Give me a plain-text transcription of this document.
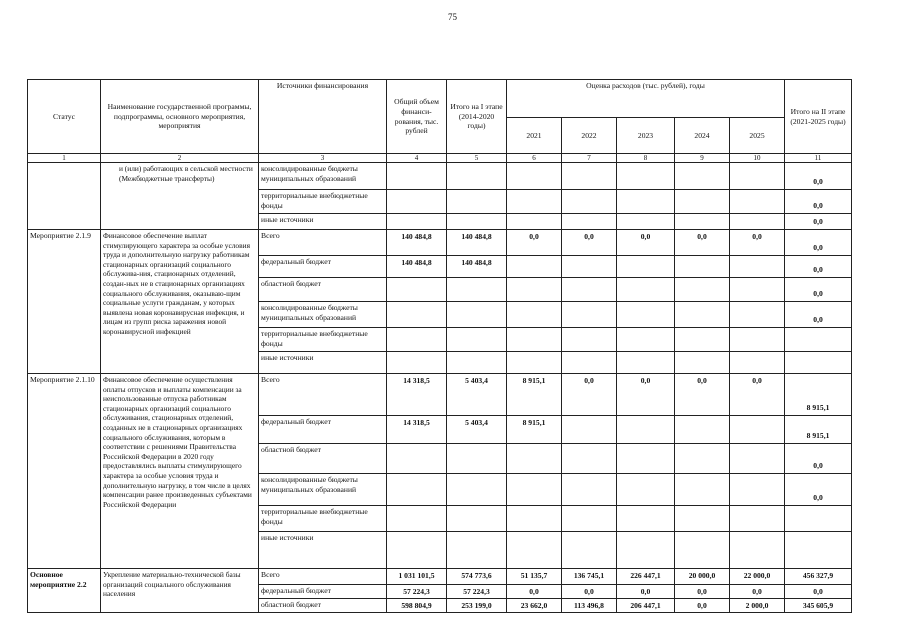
75
Статус	Наименование государственной программы, подпрограммы, основного мероприятия, мероприятия	Источники финансирования	Общий объем финанси-рования, тыс. рублей	Итого на I этапе (2014-2020 годы)	Оценка расходов (тыс. рублей), годы					Итого на II этапе (2021-2025 годы)
					2021	2022	2023	2024	2025	
1	2	3	4	5	6	7	8	9	10	11
	и (или) работающих в сельской местности (Межбюджетные трансферты)	консолидированные бюджеты муниципальных образований								0,0
		территориальные внебюджетные фонды								0,0
		иные источники								0,0
Мероприятие 2.1.9	Финансовое обеспечение выплат стимулирующего характера за особые условия труда и дополнительную нагрузку работникам стационарных организаций социального обслужива-ния, стационарных отделений, создан-ных не в стационарных организациях социального обслуживания, оказываю-щим социальные услуги гражданам, у которых выявлена новая коронавирусная инфекция, и лицам из групп риска заражения новой коронавирусной инфекцией	Всего	140 484,8	140 484,8	0,0	0,0	0,0	0,0	0,0	0,0
		федеральный бюджет	140 484,8	140 484,8						0,0
		областной бюджет								0,0
		консолидированные бюджеты муниципальных образований								0,0
		территориальные внебюджетные фонды								
		иные источники								
Мероприятие 2.1.10	Финансовое обеспечение осуществления оплаты отпусков и выплаты компенсации за неиспользованные отпуска работникам стационарных организаций социального обслуживания, стационарных отделений, созданных не в стационарных организациях социального обслуживания, которым в соответствии с решениями Правительства Российской Федерации в 2020 году предоставлялись выплаты стимулирующего характера за особые условия труда и дополнительную нагрузку, в том числе в целях компенсации ранее произведенных субъектами Российской Федерации	Всего	14 318,5	5 403,4	8 915,1	0,0	0,0	0,0	0,0	8 915,1
		федеральный бюджет	14 318,5	5 403,4	8 915,1					8 915,1
		областной бюджет								0,0
		консолидированные бюджеты муниципальных образований								0,0
		территориальные внебюджетные фонды								
		иные источники								
Основное мероприятие 2.2	Укрепление материально-технической базы организаций социального обслуживания населения	Всего	1 031 101,5	574 773,6	51 135,7	136 745,1	226 447,1	20 000,0	22 000,0	456 327,9
		федеральный бюджет	57 224,3	57 224,3	0,0	0,0	0,0	0,0	0,0	0,0
		областной бюджет	598 804,9	253 199,0	23 662,0	113 496,8	206 447,1	0,0	2 000,0	345 605,9
